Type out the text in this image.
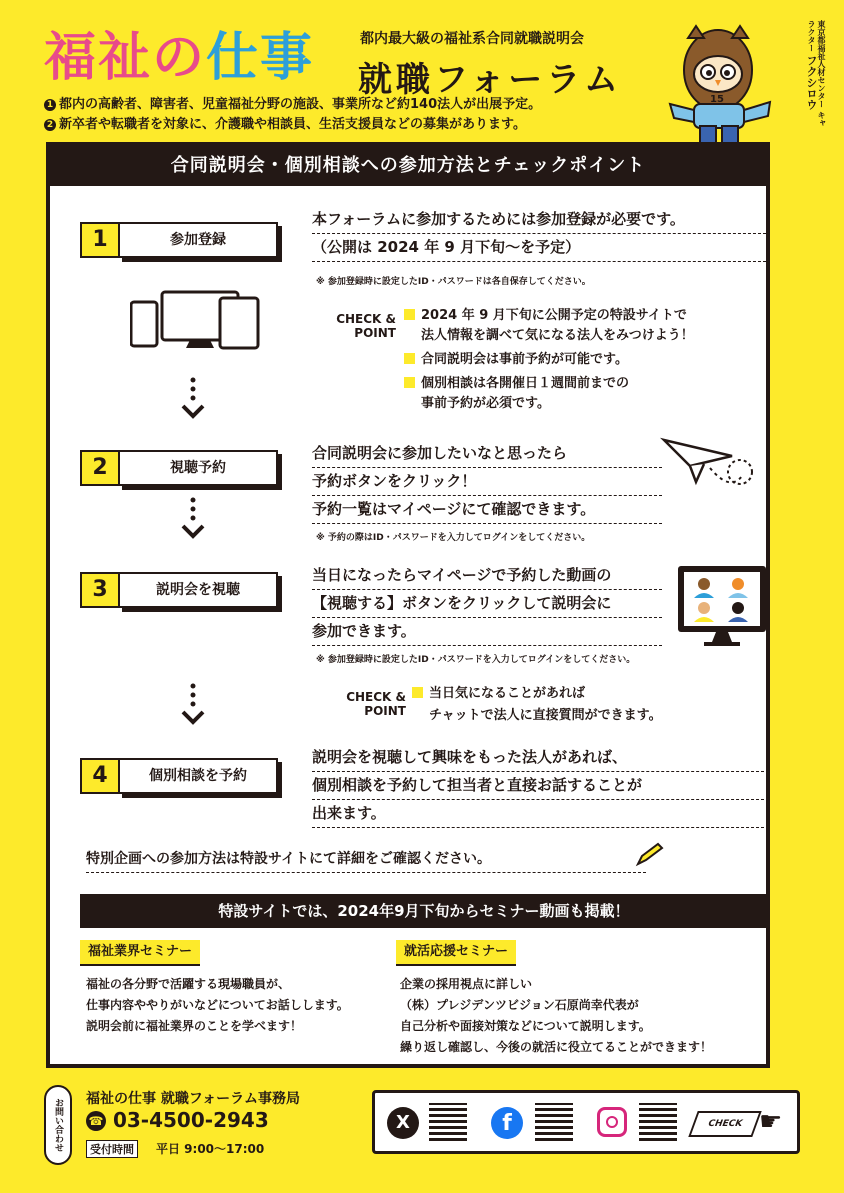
福祉の仕事	都内最大級の福祉系合同就職説明会
就職フォーラム
1 都内の高齢者、障害者、児童福祉分野の施設、事業所など約140法人が出展予定。
2 新卒者や転職者を対象に、介護職や相談員、生活支援員などの募集があります。
15	東京都福祉人材センター キャラクター フクシロウ
合同説明会・個別相談への参加方法とチェックポイント
1	参加登録
本フォーラムに参加するためには参加登録が必要です。
（公開は 2024 年 9 月下旬〜を予定）
※ 参加登録時に設定したID・パスワードは各自保存してください。
CHECK &
POINT
2024 年 9 月下旬に公開予定の特設サイトで
法人情報を調べて気になる法人をみつけよう！
合同説明会は事前予約が可能です。
個別相談は各開催日１週間前までの
事前予約が必須です。
2	視聴予約
合同説明会に参加したいなと思ったら
予約ボタンをクリック！
予約一覧はマイページにて確認できます。
※ 予約の際はID・パスワードを入力してログインをしてください。
3	説明会を視聴
当日になったらマイページで予約した動画の
【視聴する】ボタンをクリックして説明会に
参加できます。
※ 参加登録時に設定したID・パスワードを入力してログインをしてください。
CHECK &
POINT
当日気になることがあれば
チャットで法人に直接質問ができます。
4	個別相談を予約
説明会を視聴して興味をもった法人があれば、
個別相談を予約して担当者と直接お話することが
出来ます。
特別企画への参加方法は特設サイトにて詳細をご確認ください。
特設サイトでは、2024年9月下旬からセミナー動画も掲載！
福祉業界セミナー
福祉の各分野で活躍する現場職員が、
仕事内容ややりがいなどについてお話しします。
説明会前に福祉業界のことを学べます！
就活応援セミナー
企業の採用視点に詳しい
（株）プレジデンツビジョン石原尚幸代表が
自己分析や面接対策などについて説明します。
繰り返し確認し、今後の就活に役立てることができます！
お問い合わせ	福祉の仕事 就職フォーラム事務局
☎ 03-4500-2943
受付時間	平日 9:00〜17:00
X	f	CHECK ☛
